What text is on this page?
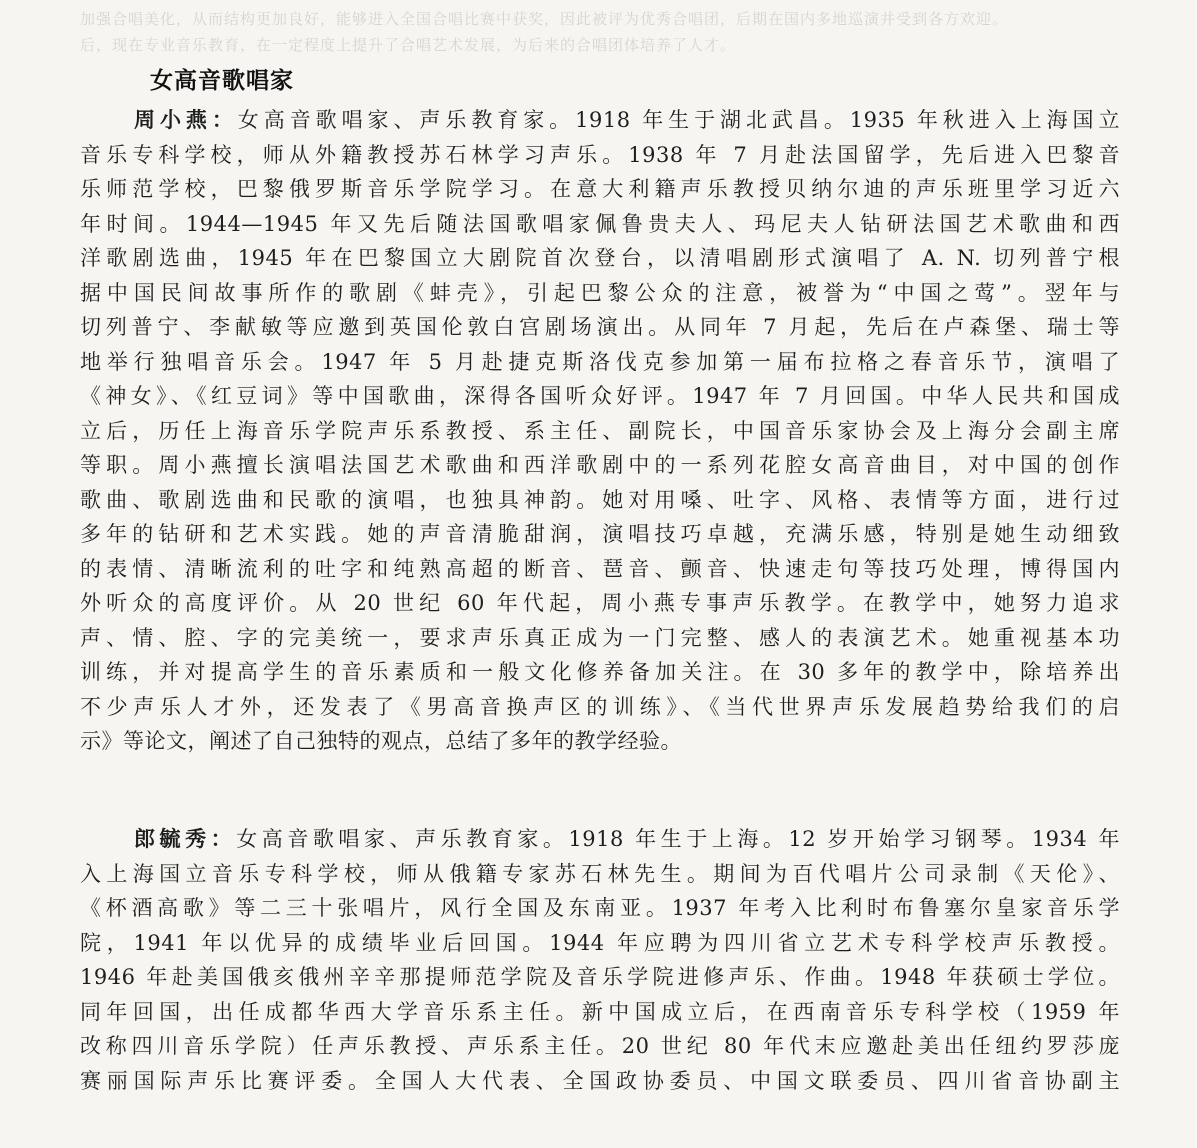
加强合唱美化，从而结构更加良好，能够进入全国合唱比赛中获奖，因此被评为优秀合唱团，后期在国内多地巡演并受到各方欢迎。
后，现在专业音乐教育，在一定程度上提升了合唱艺术发展，为后来的合唱团体培养了人才。
女高音歌唱家
周小燕：女高音歌唱家、声乐教育家。1918 年生于湖北武昌。1935 年秋进入上海国立
音乐专科学校，师从外籍教授苏石林学习声乐。1938 年 7 月赴法国留学，先后进入巴黎音
乐师范学校，巴黎俄罗斯音乐学院学习。在意大利籍声乐教授贝纳尔迪的声乐班里学习近六
年时间。1944—1945 年又先后随法国歌唱家佩鲁贵夫人、玛尼夫人钻研法国艺术歌曲和西
洋歌剧选曲，1945 年在巴黎国立大剧院首次登台，以清唱剧形式演唱了 A. N. 切列普宁根
据中国民间故事所作的歌剧《蚌壳》，引起巴黎公众的注意，被誉为“中国之莺”。翌年与
切列普宁、李献敏等应邀到英国伦敦白宫剧场演出。从同年 7 月起，先后在卢森堡、瑞士等
地举行独唱音乐会。1947 年 5 月赴捷克斯洛伐克参加第一届布拉格之春音乐节，演唱了
《神女》、《红豆词》等中国歌曲，深得各国听众好评。1947 年 7 月回国。中华人民共和国成
立后，历任上海音乐学院声乐系教授、系主任、副院长，中国音乐家协会及上海分会副主席
等职。周小燕擅长演唱法国艺术歌曲和西洋歌剧中的一系列花腔女高音曲目，对中国的创作
歌曲、歌剧选曲和民歌的演唱，也独具神韵。她对用嗓、吐字、风格、表情等方面，进行过
多年的钻研和艺术实践。她的声音清脆甜润，演唱技巧卓越，充满乐感，特别是她生动细致
的表情、清晰流利的吐字和纯熟高超的断音、琶音、颤音、快速走句等技巧处理，博得国内
外听众的高度评价。从 20 世纪 60 年代起，周小燕专事声乐教学。在教学中，她努力追求
声、情、腔、字的完美统一，要求声乐真正成为一门完整、感人的表演艺术。她重视基本功
训练，并对提高学生的音乐素质和一般文化修养备加关注。在 30 多年的教学中，除培养出
不少声乐人才外，还发表了《男高音换声区的训练》、《当代世界声乐发展趋势给我们的启
示》等论文，阐述了自己独特的观点，总结了多年的教学经验。
郎毓秀：女高音歌唱家、声乐教育家。1918 年生于上海。12 岁开始学习钢琴。1934 年
入上海国立音乐专科学校，师从俄籍专家苏石林先生。期间为百代唱片公司录制《天伦》、
《杯酒高歌》等二三十张唱片，风行全国及东南亚。1937 年考入比利时布鲁塞尔皇家音乐学
院，1941 年以优异的成绩毕业后回国。1944 年应聘为四川省立艺术专科学校声乐教授。
1946 年赴美国俄亥俄州辛辛那提师范学院及音乐学院进修声乐、作曲。1948 年获硕士学位。
同年回国，出任成都华西大学音乐系主任。新中国成立后，在西南音乐专科学校（1959 年
改称四川音乐学院）任声乐教授、声乐系主任。20 世纪 80 年代末应邀赴美出任纽约罗莎庞
赛丽国际声乐比赛评委。全国人大代表、全国政协委员、中国文联委员、四川省音协副主
